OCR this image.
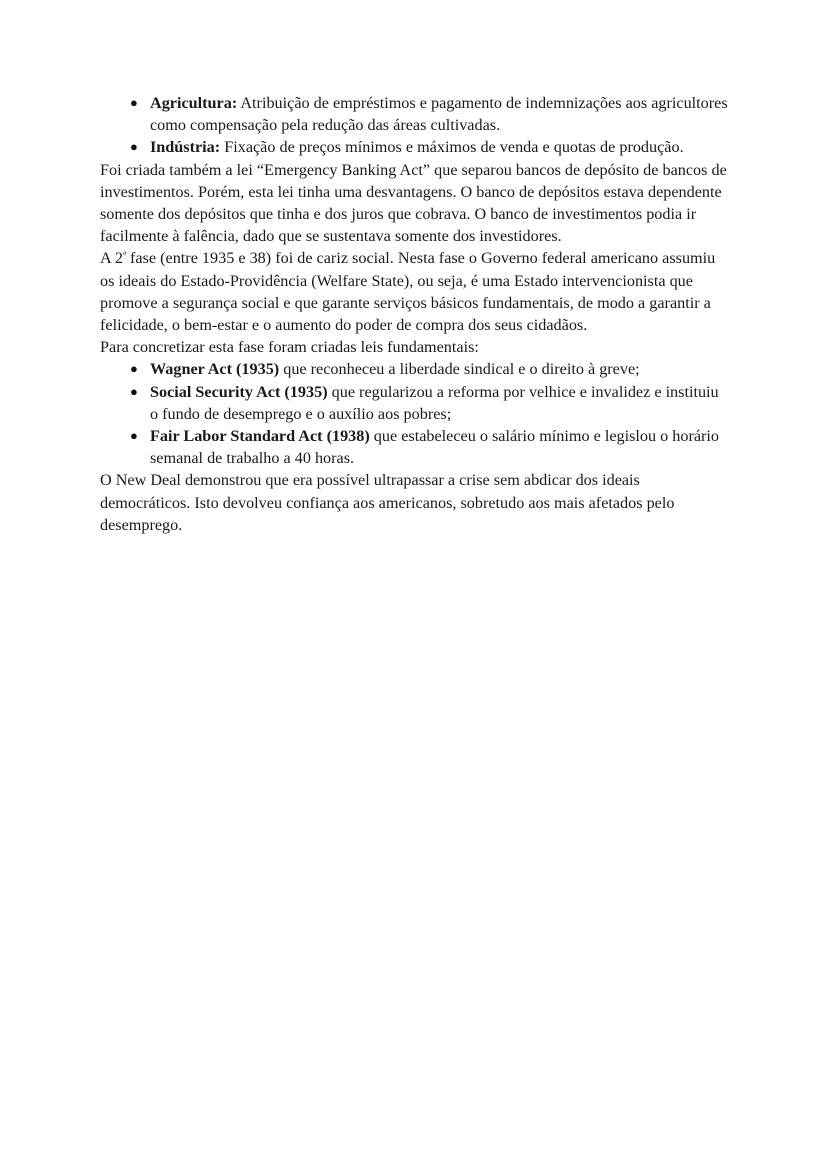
● Agricultura: Atribuição de empréstimos e pagamento de indemnizações aos agricultores como compensação pela redução das áreas cultivadas.
● Indústria: Fixação de preços mínimos e máximos de venda e quotas de produção.

Foi criada também a lei “Emergency Banking Act” que separou bancos de depósito de bancos de investimentos. Porém, esta lei tinha uma desvantagens. O banco de depósitos estava dependente somente dos depósitos que tinha e dos juros que cobrava. O banco de investimentos podia ir facilmente à falência, dado que se sustentava somente dos investidores.

A $2^ª$ fase (entre 1935 e 38) foi de cariz social. Nesta fase o Governo federal americano assumiu os ideais do Estado-Providência (Welfare State), ou seja, é uma Estado intervencionista que promove a segurança social e que garante serviços básicos fundamentais, de modo a garantir a felicidade, o bem-estar e o aumento do poder de compra dos seus cidadãos.

Para concretizar esta fase foram criadas leis fundamentais:

● Wagner Act (1935) que reconheceu a liberdade sindical e o direito à greve;
● Social Security Act (1935) que regularizou a reforma por velhice e invalidez e instituiu o fundo de desemprego e o auxílio aos pobres;
● Fair Labor Standard Act (1938) que estabeleceu o salário mínimo e legislou o horário semanal de trabalho a 40 horas.

O New Deal demonstrou que era possível ultrapassar a crise sem abdicar dos ideais democráticos. Isto devolveu confiança aos americanos, sobretudo aos mais afetados pelo desemprego.
